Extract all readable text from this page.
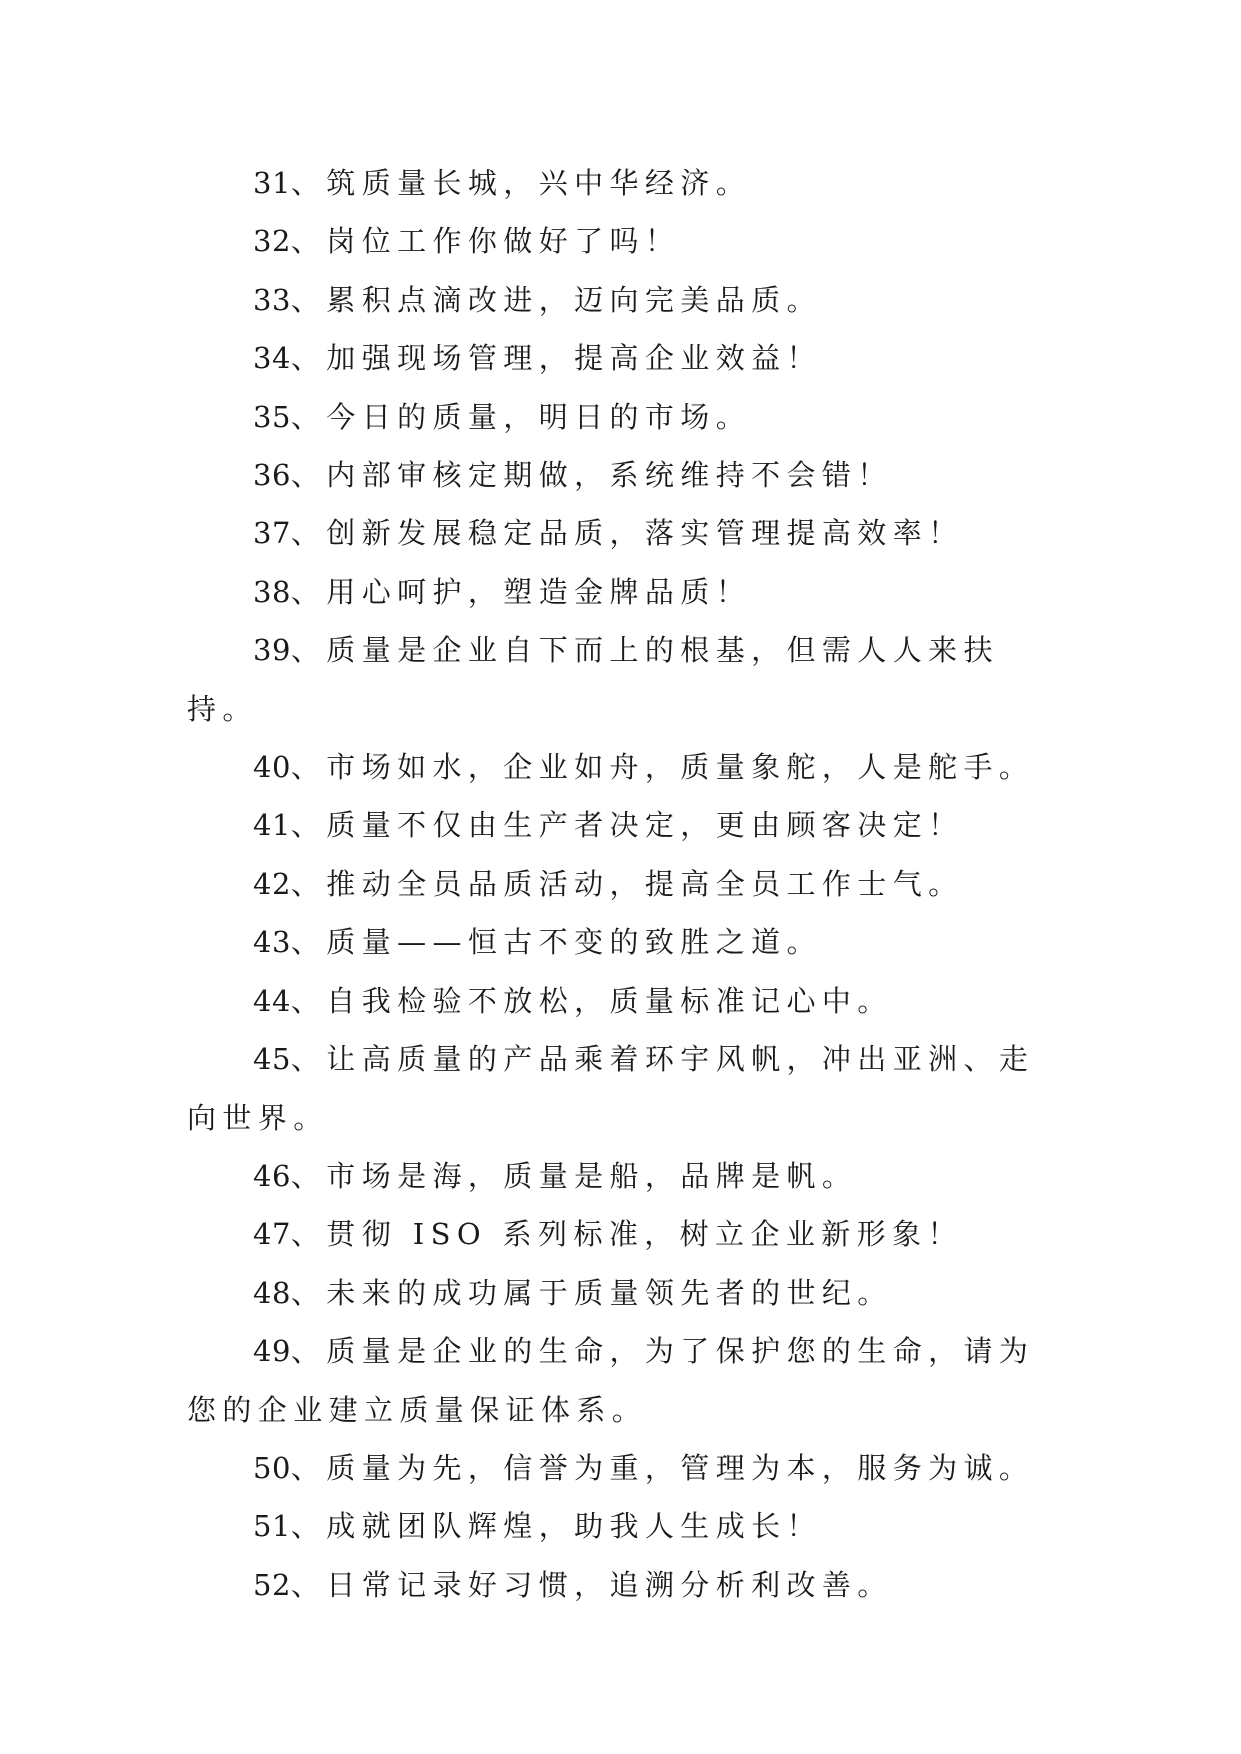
31、筑质量长城，兴中华经济。

32、岗位工作你做好了吗！

33、累积点滴改进，迈向完美品质。

34、加强现场管理，提高企业效益！

35、今日的质量，明日的市场。

36、内部审核定期做，系统维持不会错！

37、创新发展稳定品质，落实管理提高效率！

38、用心呵护，塑造金牌品质！

39、质量是企业自下而上的根基，但需人人来扶持。

40、市场如水，企业如舟，质量象舵，人是舵手。

41、质量不仅由生产者决定，更由顾客决定！

42、推动全员品质活动，提高全员工作士气。

43、质量——恒古不变的致胜之道。

44、自我检验不放松，质量标准记心中。

45、让高质量的产品乘着环宇风帆，冲出亚洲、走向世界。

46、市场是海，质量是船，品牌是帆。

47、贯彻 ISO 系列标准，树立企业新形象！

48、未来的成功属于质量领先者的世纪。

49、质量是企业的生命，为了保护您的生命，请为您的企业建立质量保证体系。

50、质量为先，信誉为重，管理为本，服务为诚。

51、成就团队辉煌，助我人生成长！

52、日常记录好习惯，追溯分析利改善。
